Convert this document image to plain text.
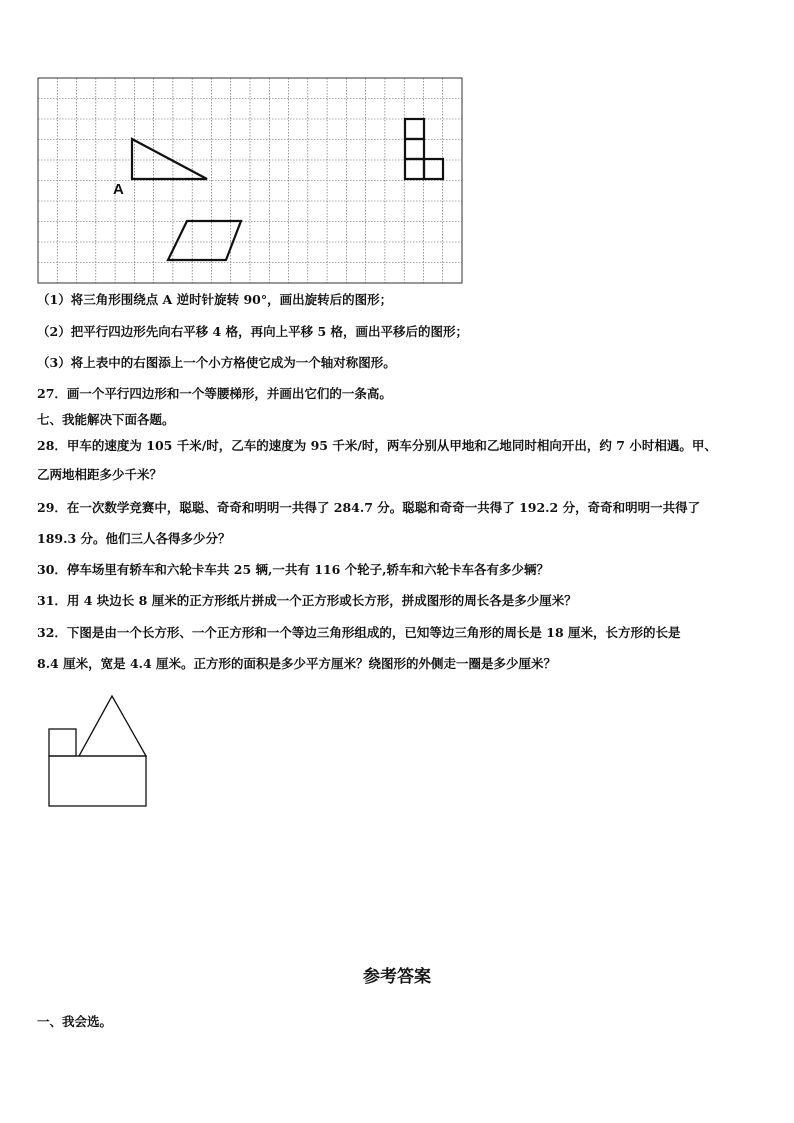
A
（1）将三角形围绕点 A 逆时针旋转 90°，画出旋转后的图形；
（2）把平行四边形先向右平移 4 格，再向上平移 5 格，画出平移后的图形；
（3）将上表中的右图添上一个小方格使它成为一个轴对称图形。
27．画一个平行四边形和一个等腰梯形，并画出它们的一条高。
七、我能解决下面各题。
28．甲车的速度为 105 千米/时，乙车的速度为 95 千米/时，两车分别从甲地和乙地同时相向开出，约 7 小时相遇。甲、
乙两地相距多少千米？
29．在一次数学竞赛中，聪聪、奇奇和明明一共得了 284.7 分。聪聪和奇奇一共得了 192.2 分，奇奇和明明一共得了
189.3 分。他们三人各得多少分？
30．停车场里有轿车和六轮卡车共 25 辆,一共有 116 个轮子,轿车和六轮卡车各有多少辆？
31．用 4 块边长 8 厘米的正方形纸片拼成一个正方形或长方形，拼成图形的周长各是多少厘米？
32．下图是由一个长方形、一个正方形和一个等边三角形组成的，已知等边三角形的周长是 18 厘米，长方形的长是
8.4 厘米，宽是 4.4 厘米。正方形的面积是多少平方厘米？绕图形的外侧走一圈是多少厘米？
参考答案
一、我会选。
